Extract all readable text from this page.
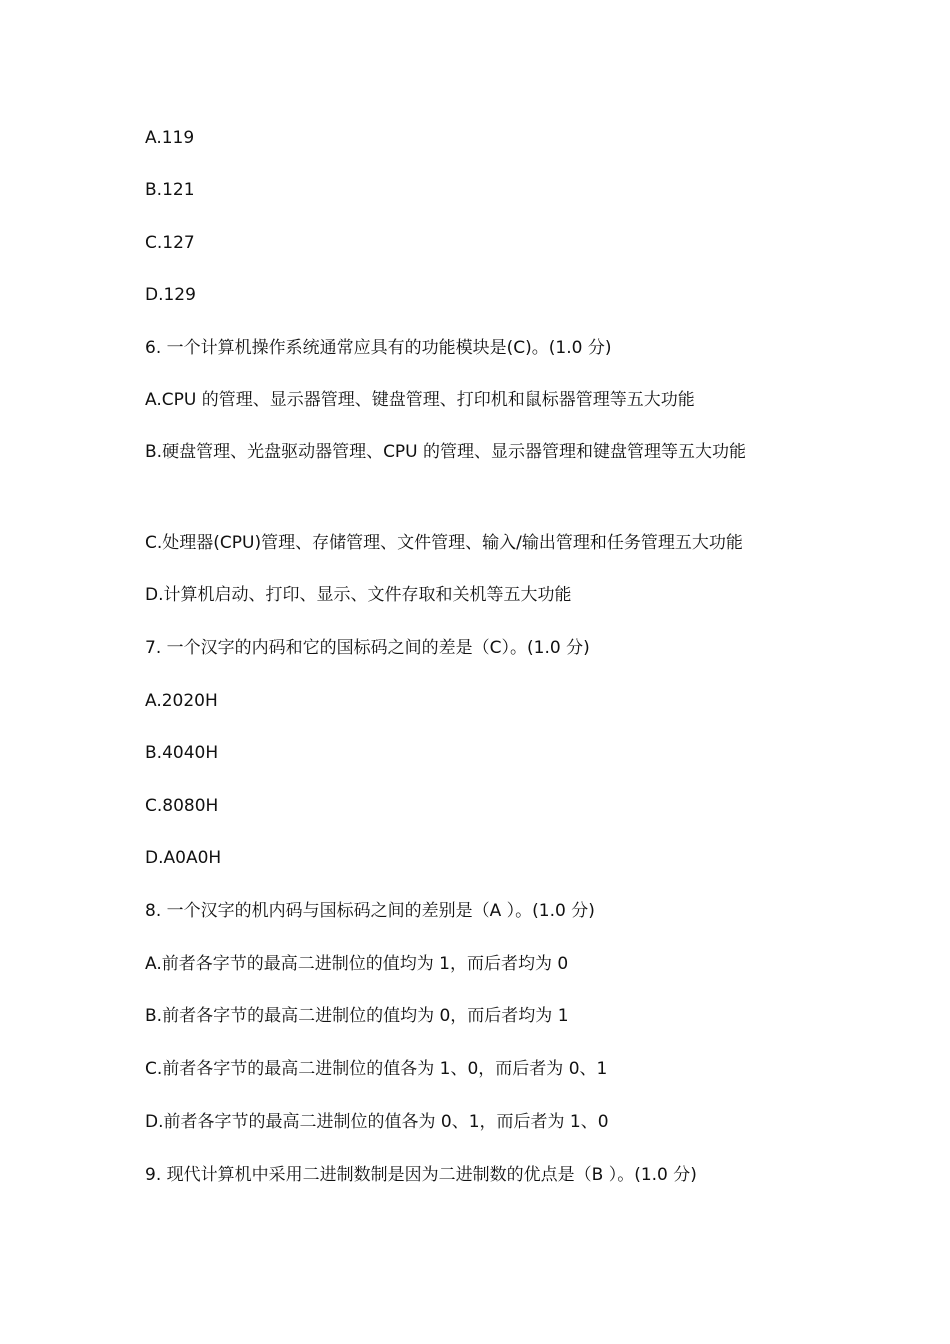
A.119
B.121
C.127
D.129
6. 一个计算机操作系统通常应具有的功能模块是(C)。(1.0 分)
A.CPU 的管理、显示器管理、键盘管理、打印机和鼠标器管理等五大功能
B.硬盘管理、光盘驱动器管理、CPU 的管理、显示器管理和键盘管理等五大功能
C.处理器(CPU)管理、存储管理、文件管理、输入/输出管理和任务管理五大功能
D.计算机启动、打印、显示、文件存取和关机等五大功能
7. 一个汉字的内码和它的国标码之间的差是（C）。(1.0 分)
A.2020H
B.4040H
C.8080H
D.A0A0H
8. 一个汉字的机内码与国标码之间的差别是（A ）。(1.0 分)
A.前者各字节的最高二进制位的值均为 1，而后者均为 0
B.前者各字节的最高二进制位的值均为 0，而后者均为 1
C.前者各字节的最高二进制位的值各为 1、0，而后者为 0、1
D.前者各字节的最高二进制位的值各为 0、1，而后者为 1、0
9. 现代计算机中采用二进制数制是因为二进制数的优点是（B ）。(1.0 分)
